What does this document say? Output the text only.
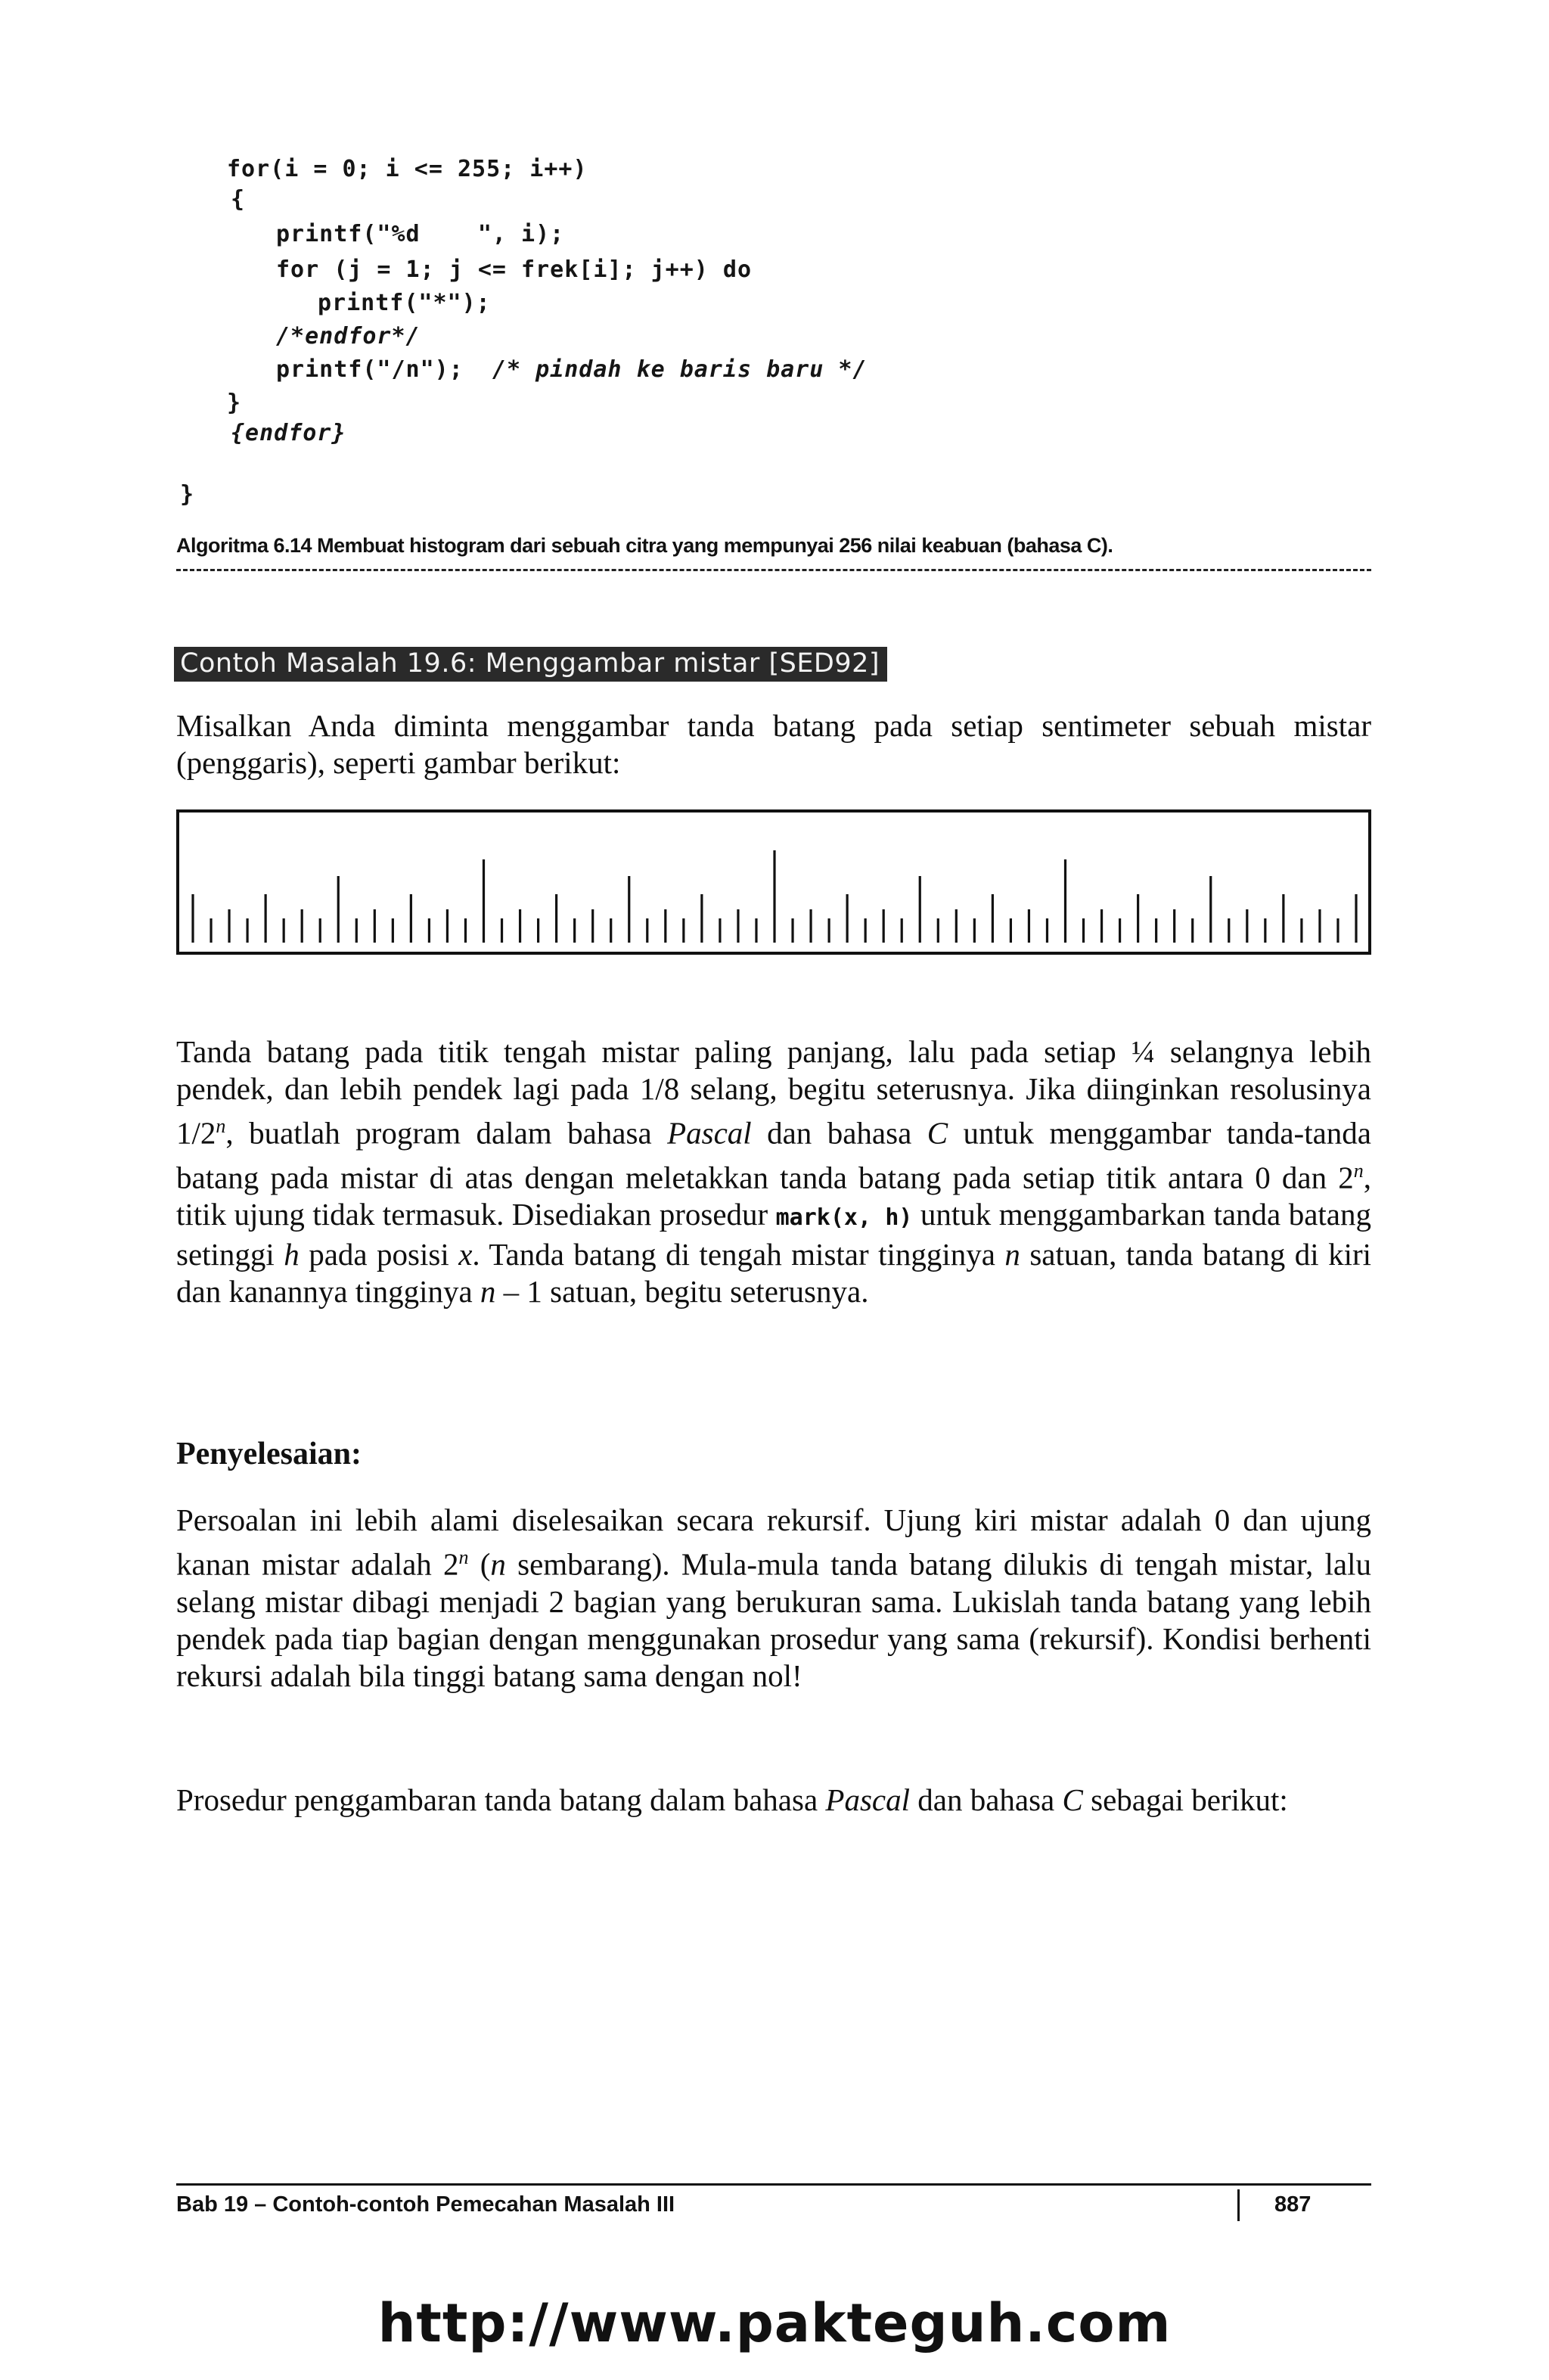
for(i = 0; i <= 255; i++)
{
printf("%d    ", i);
for (j = 1; j <= frek[i]; j++) do
printf("*");
/*endfor*/
printf("/n"); /* pindah ke baris baru */
}
{endfor}
}
Algoritma 6.14 Membuat histogram dari sebuah citra yang mempunyai 256 nilai keabuan (bahasa C).
Contoh Masalah 19.6: Menggambar mistar [SED92]
Misalkan Anda diminta menggambar tanda batang pada setiap sentimeter sebuah mistar (penggaris), seperti gambar berikut:
Tanda batang pada titik tengah mistar paling panjang, lalu pada setiap ¼ selangnya lebih pendek, dan lebih pendek lagi pada 1/8 selang, begitu seterusnya. Jika diinginkan resolusinya 1/2$^n$, buatlah program dalam bahasa Pascal dan bahasa C untuk menggambar tanda-tanda batang pada mistar di atas dengan meletakkan tanda batang pada setiap titik antara 0 dan 2$^n$, titik ujung tidak termasuk. Disediakan prosedur mark(x, h) untuk menggambarkan tanda batang setinggi h pada posisi x. Tanda batang di tengah mistar tingginya n satuan, tanda batang di kiri dan kanannya tingginya n – 1 satuan, begitu seterusnya.
Penyelesaian:
Persoalan ini lebih alami diselesaikan secara rekursif. Ujung kiri mistar adalah 0 dan ujung kanan mistar adalah 2$^n$ (n sembarang). Mula-mula tanda batang dilukis di tengah mistar, lalu selang mistar dibagi menjadi 2 bagian yang berukuran sama. Lukislah tanda batang yang lebih pendek pada tiap bagian dengan menggunakan prosedur yang sama (rekursif). Kondisi berhenti rekursi adalah bila tinggi batang sama dengan nol!
Prosedur penggambaran tanda batang dalam bahasa Pascal dan bahasa C sebagai berikut:
Bab 19 – Contoh-contoh Pemecahan Masalah III	887
http://www.pakteguh.com
